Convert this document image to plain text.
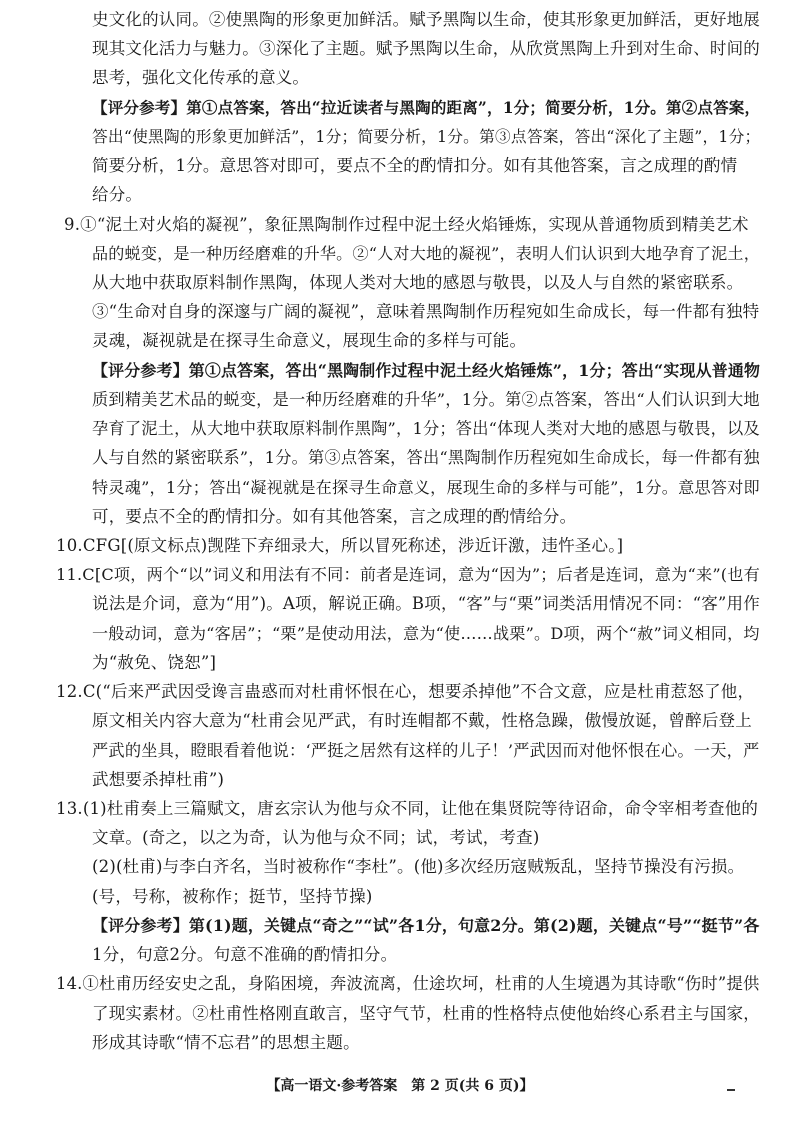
史文化的认同。②使黑陶的形象更加鲜活。赋予黑陶以生命，使其形象更加鲜活，更好地展
现其文化活力与魅力。③深化了主题。赋予黑陶以生命，从欣赏黑陶上升到对生命、时间的
思考，强化文化传承的意义。
【评分参考】第①点答案，答出“拉近读者与黑陶的距离”，1分；简要分析，1分。第②点答案，
答出“使黑陶的形象更加鲜活”，1分；简要分析，1分。第③点答案，答出“深化了主题”，1分；
简要分析，1分。意思答对即可，要点不全的酌情扣分。如有其他答案，言之成理的酌情
给分。
9.①“泥土对火焰的凝视”，象征黑陶制作过程中泥土经火焰锤炼，实现从普通物质到精美艺术
品的蜕变，是一种历经磨难的升华。②“人对大地的凝视”，表明人们认识到大地孕育了泥土，
从大地中获取原料制作黑陶，体现人类对大地的感恩与敬畏，以及人与自然的紧密联系。
③“生命对自身的深邃与广阔的凝视”，意味着黑陶制作历程宛如生命成长，每一件都有独特
灵魂，凝视就是在探寻生命意义，展现生命的多样与可能。
【评分参考】第①点答案，答出“黑陶制作过程中泥土经火焰锤炼”，1分；答出“实现从普通物
质到精美艺术品的蜕变，是一种历经磨难的升华”，1分。第②点答案，答出“人们认识到大地
孕育了泥土，从大地中获取原料制作黑陶”，1分；答出“体现人类对大地的感恩与敬畏，以及
人与自然的紧密联系”，1分。第③点答案，答出“黑陶制作历程宛如生命成长，每一件都有独
特灵魂”，1分；答出“凝视就是在探寻生命意义，展现生命的多样与可能”，1分。意思答对即
可，要点不全的酌情扣分。如有其他答案，言之成理的酌情给分。
10.CFG[(原文标点)觊陛下弃细录大，所以冒死称述，涉近讦激，违忤圣心。]
11.C[C项，两个“以”词义和用法有不同：前者是连词，意为“因为”；后者是连词，意为“来”(也有
说法是介词，意为“用”)。A项，解说正确。B项，“客”与“栗”词类活用情况不同：“客”用作
一般动词，意为“客居”；“栗”是使动用法，意为“使……战栗”。D项，两个“赦”词义相同，均
为“赦免、饶恕”]
12.C(“后来严武因受谗言蛊惑而对杜甫怀恨在心，想要杀掉他”不合文意，应是杜甫惹怒了他，
原文相关内容大意为“杜甫会见严武，有时连帽都不戴，性格急躁，傲慢放诞，曾醉后登上
严武的坐具，瞪眼看着他说：‘严挺之居然有这样的儿子！’严武因而对他怀恨在心。一天，严
武想要杀掉杜甫”)
13.(1)杜甫奏上三篇赋文，唐玄宗认为他与众不同，让他在集贤院等待诏命，命令宰相考查他的
文章。(奇之，以之为奇，认为他与众不同；试，考试，考查)
(2)(杜甫)与李白齐名，当时被称作“李杜”。(他)多次经历寇贼叛乱，坚持节操没有污损。
(号，号称，被称作；挺节，坚持节操)
【评分参考】第(1)题，关键点“奇之”“试”各1分，句意2分。第(2)题，关键点“号”“挺节”各
1分，句意2分。句意不准确的酌情扣分。
14.①杜甫历经安史之乱，身陷困境，奔波流离，仕途坎坷，杜甫的人生境遇为其诗歌“伤时”提供
了现实素材。②杜甫性格刚直敢言，坚守气节，杜甫的性格特点使他始终心系君主与国家，
形成其诗歌“情不忘君”的思想主题。
【高一语文·参考答案　第 2 页(共 6 页)】
